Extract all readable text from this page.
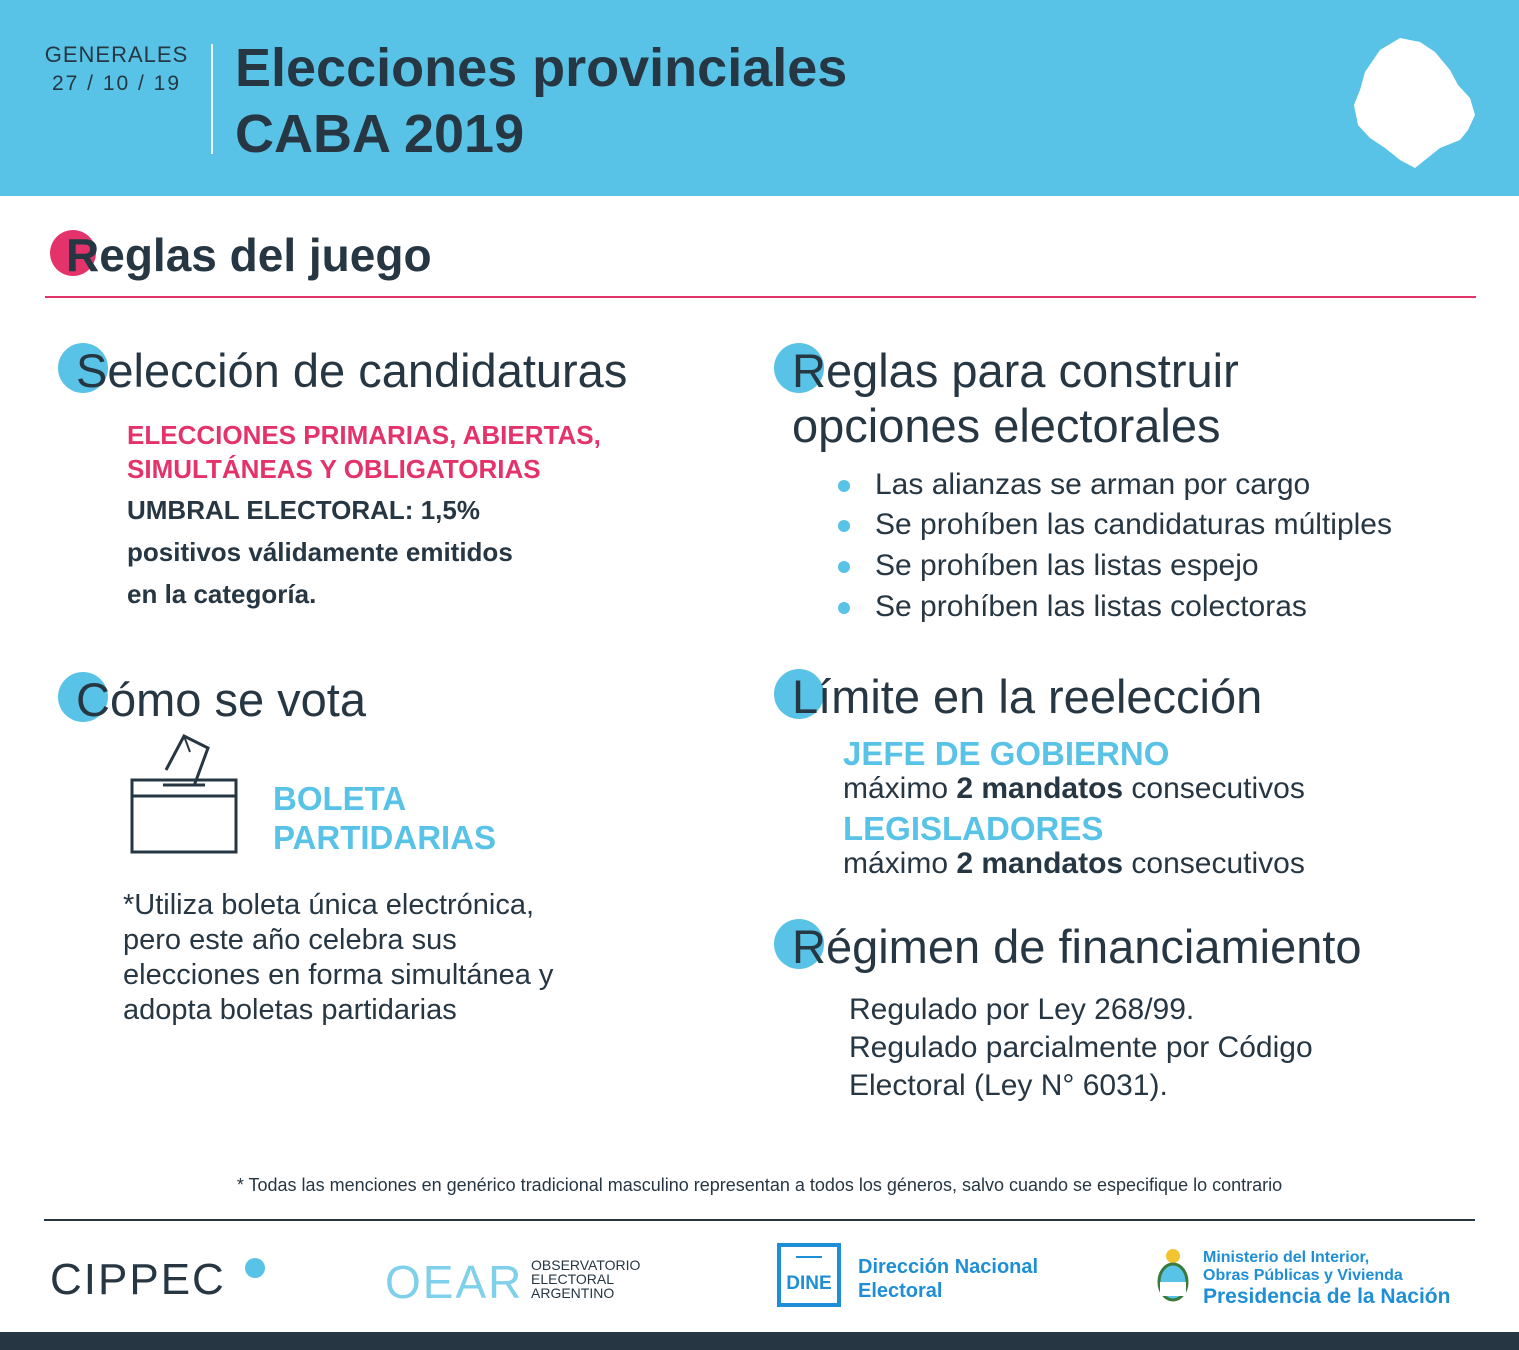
GENERALES
27 / 10 / 19 Elecciones provinciales
CABA 2019
Reglas del juego
Selección de candidaturas
ELECCIONES PRIMARIAS, ABIERTAS,
SIMULTÁNEAS Y OBLIGATORIAS
UMBRAL ELECTORAL: 1,5%
positivos válidamente emitidos
en la categoría.
Cómo se vota
BOLETA
PARTIDARIAS
*Utiliza boleta única electrónica,
pero este año celebra sus
elecciones en forma simultánea y
adopta boletas partidarias
Reglas para construir
opciones electorales
Las alianzas se arman por cargo
Se prohíben las candidaturas múltiples
Se prohíben las listas espejo
Se prohíben las listas colectoras
Límite en la reelección
JEFE DE GOBIERNO
máximo 2 mandatos consecutivos
LEGISLADORES
máximo 2 mandatos consecutivos
Régimen de financiamiento
Regulado por Ley 268/99.
Regulado parcialmente por Código
Electoral (Ley N° 6031).
* Todas las menciones en genérico tradicional masculino representan a todos los géneros, salvo cuando se especifique lo contrario
CIPPEC	OEAR OBSERVATORIO
ELECTORAL
ARGENTINO	DINE
Dirección Nacional
Electoral
Ministerio del Interior,
Obras Públicas y Vivienda
Presidencia de la Nación
